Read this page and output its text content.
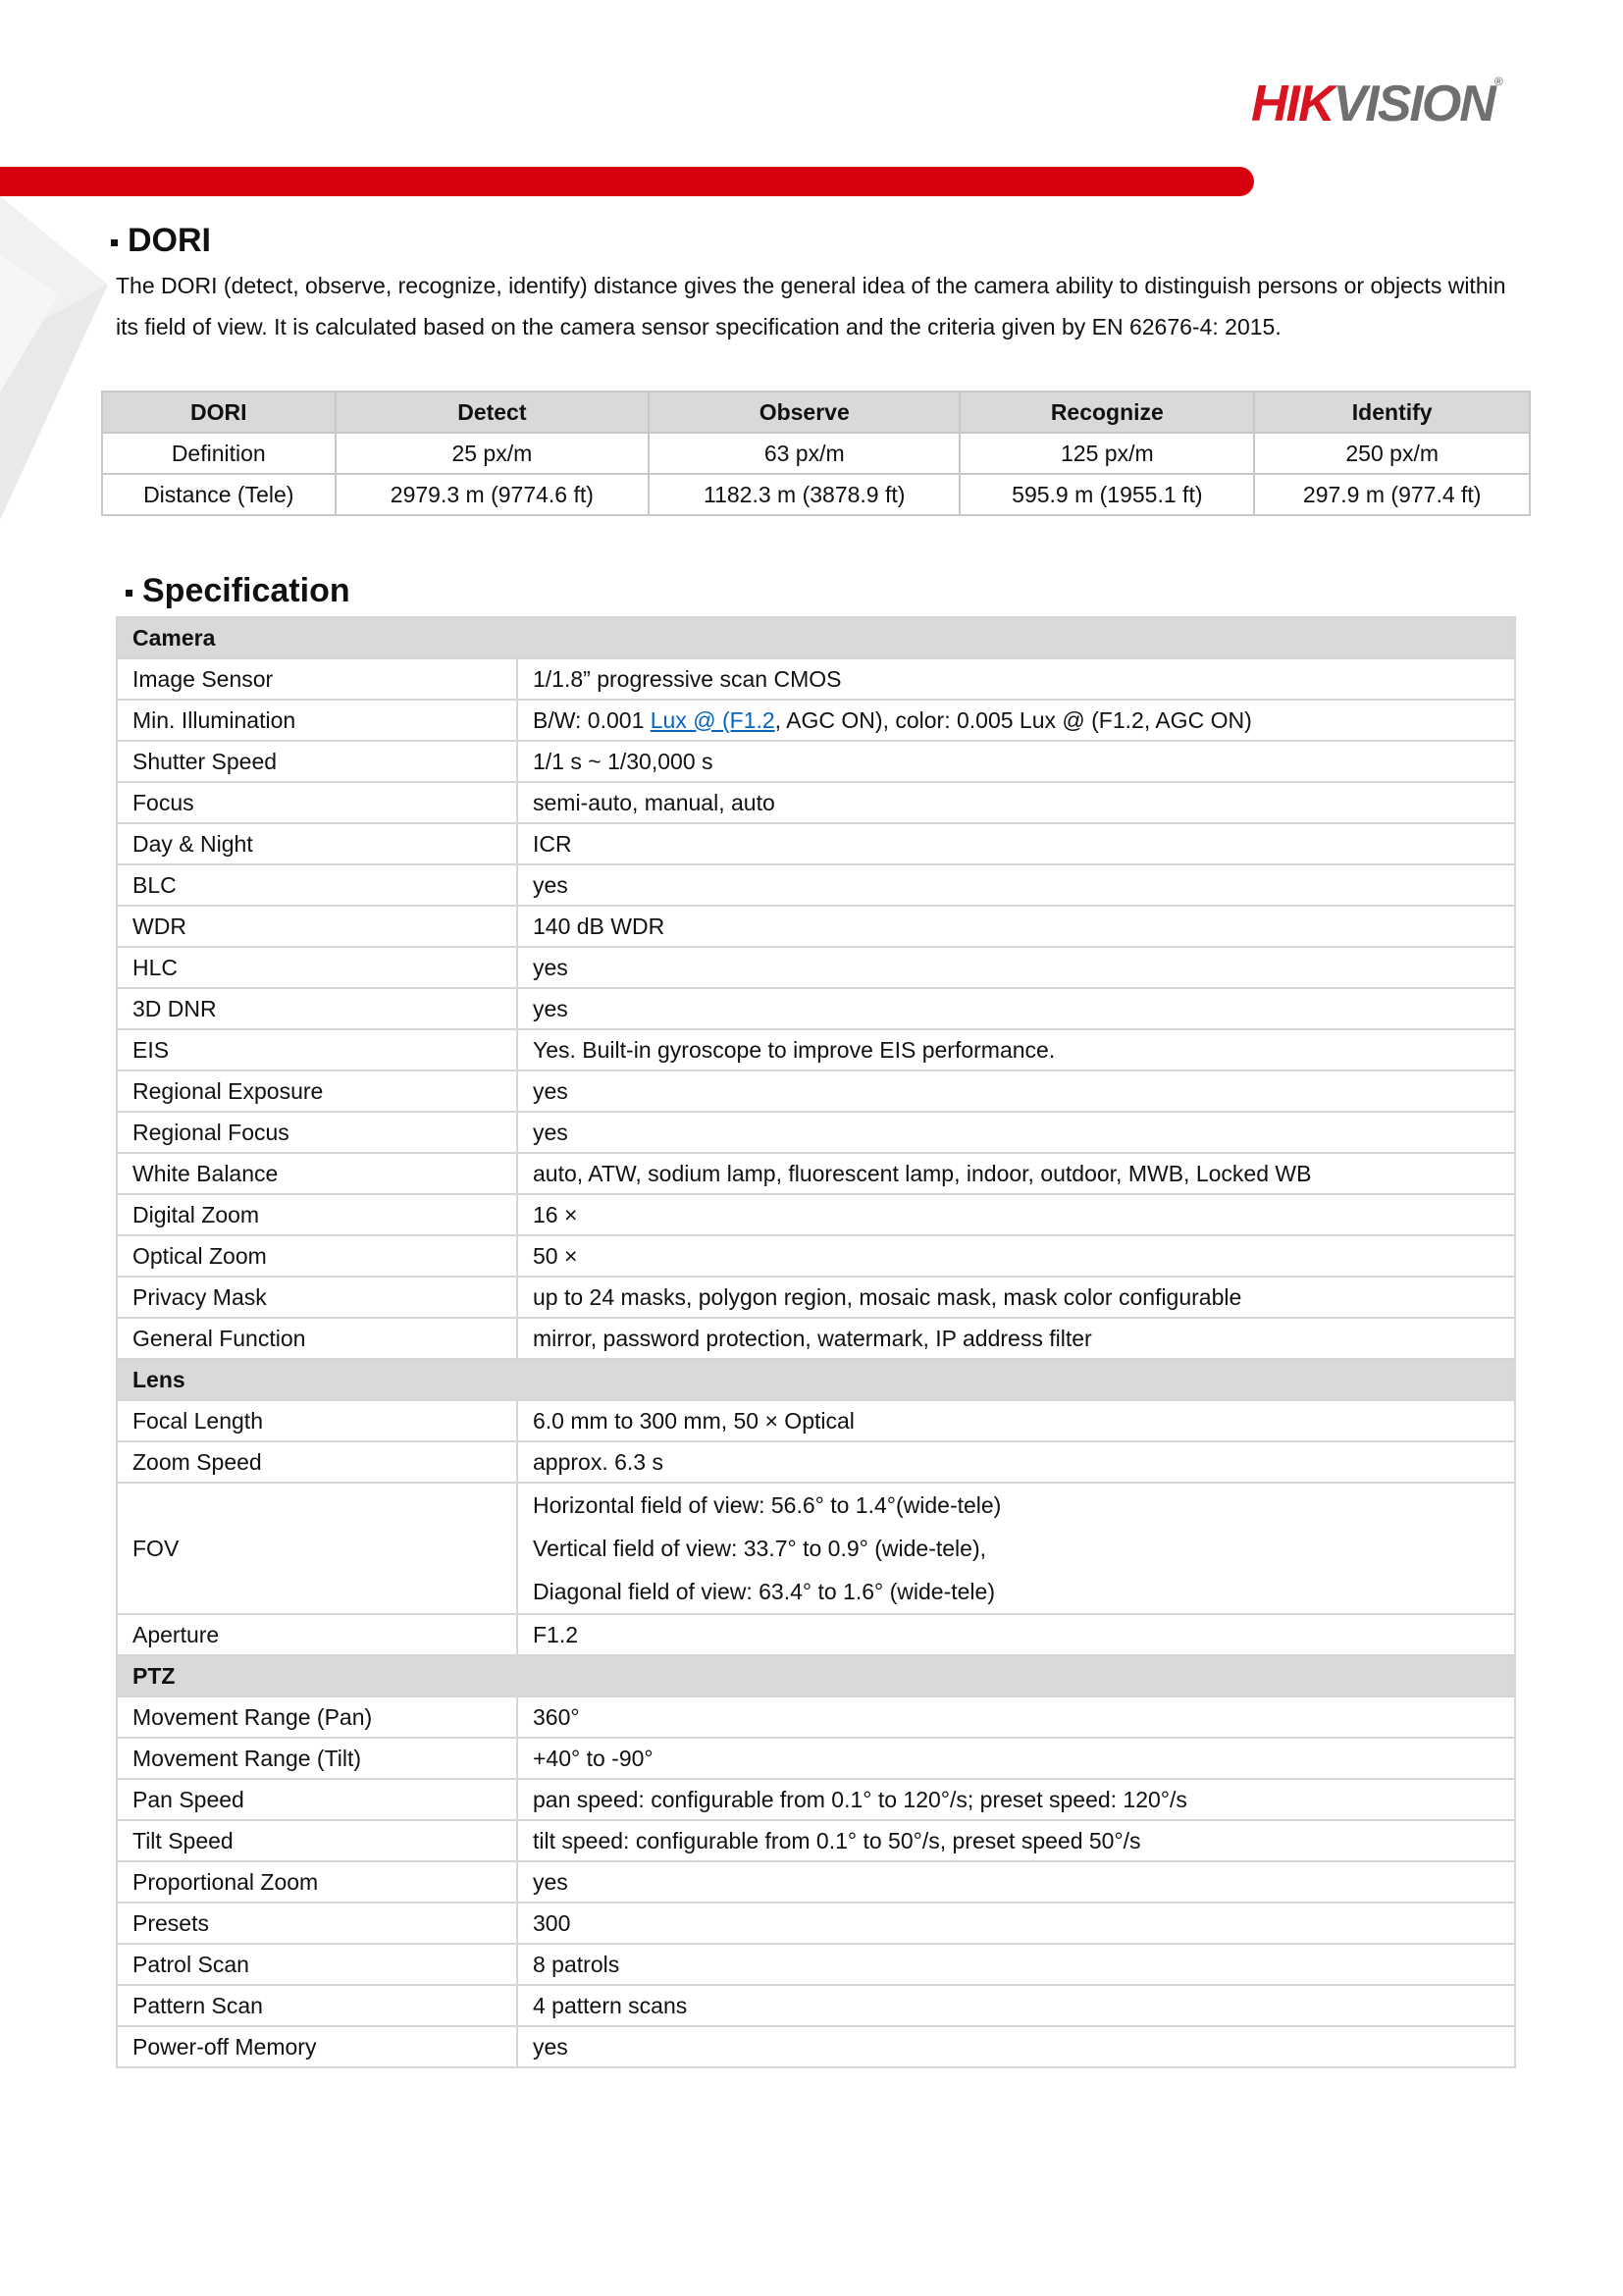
HIKVISION®
DORI
The DORI (detect, observe, recognize, identify) distance gives the general idea of the camera ability to distinguish persons or objects within its field of view. It is calculated based on the camera sensor specification and the criteria given by EN 62676-4: 2015.
DORI	Detect	Observe	Recognize	Identify
Definition	25 px/m	63 px/m	125 px/m	250 px/m
Distance (Tele)	2979.3 m (9774.6 ft)	1182.3 m (3878.9 ft)	595.9 m (1955.1 ft)	297.9 m (977.4 ft)
Specification
Camera	
Image Sensor	1/1.8” progressive scan CMOS
Min. Illumination	B/W: 0.001 Lux @ (F1.2, AGC ON), color: 0.005 Lux @ (F1.2, AGC ON)
Shutter Speed	1/1 s ~ 1/30,000 s
Focus	semi-auto, manual, auto
Day & Night	ICR
BLC	yes
WDR	140 dB WDR
HLC	yes
3D DNR	yes
EIS	Yes. Built-in gyroscope to improve EIS performance.
Regional Exposure	yes
Regional Focus	yes
White Balance	auto, ATW, sodium lamp, fluorescent lamp, indoor, outdoor, MWB, Locked WB
Digital Zoom	16 ×
Optical Zoom	50 ×
Privacy Mask	up to 24 masks, polygon region, mosaic mask, mask color configurable
General Function	mirror, password protection, watermark, IP address filter
Lens	
Focal Length	6.0 mm to 300 mm, 50 × Optical
Zoom Speed	approx. 6.3 s
FOV	Horizontal field of view: 56.6° to 1.4°(wide-tele)
Vertical field of view: 33.7° to 0.9° (wide-tele),
Diagonal field of view: 63.4° to 1.6° (wide-tele)

Aperture	F1.2
PTZ	
Movement Range (Pan)	360°
Movement Range (Tilt)	+40° to -90°
Pan Speed	pan speed: configurable from 0.1° to 120°/s; preset speed: 120°/s
Tilt Speed	tilt speed: configurable from 0.1° to 50°/s, preset speed 50°/s
Proportional Zoom	yes
Presets	300
Patrol Scan	8 patrols
Pattern Scan	4 pattern scans
Power-off Memory	yes
